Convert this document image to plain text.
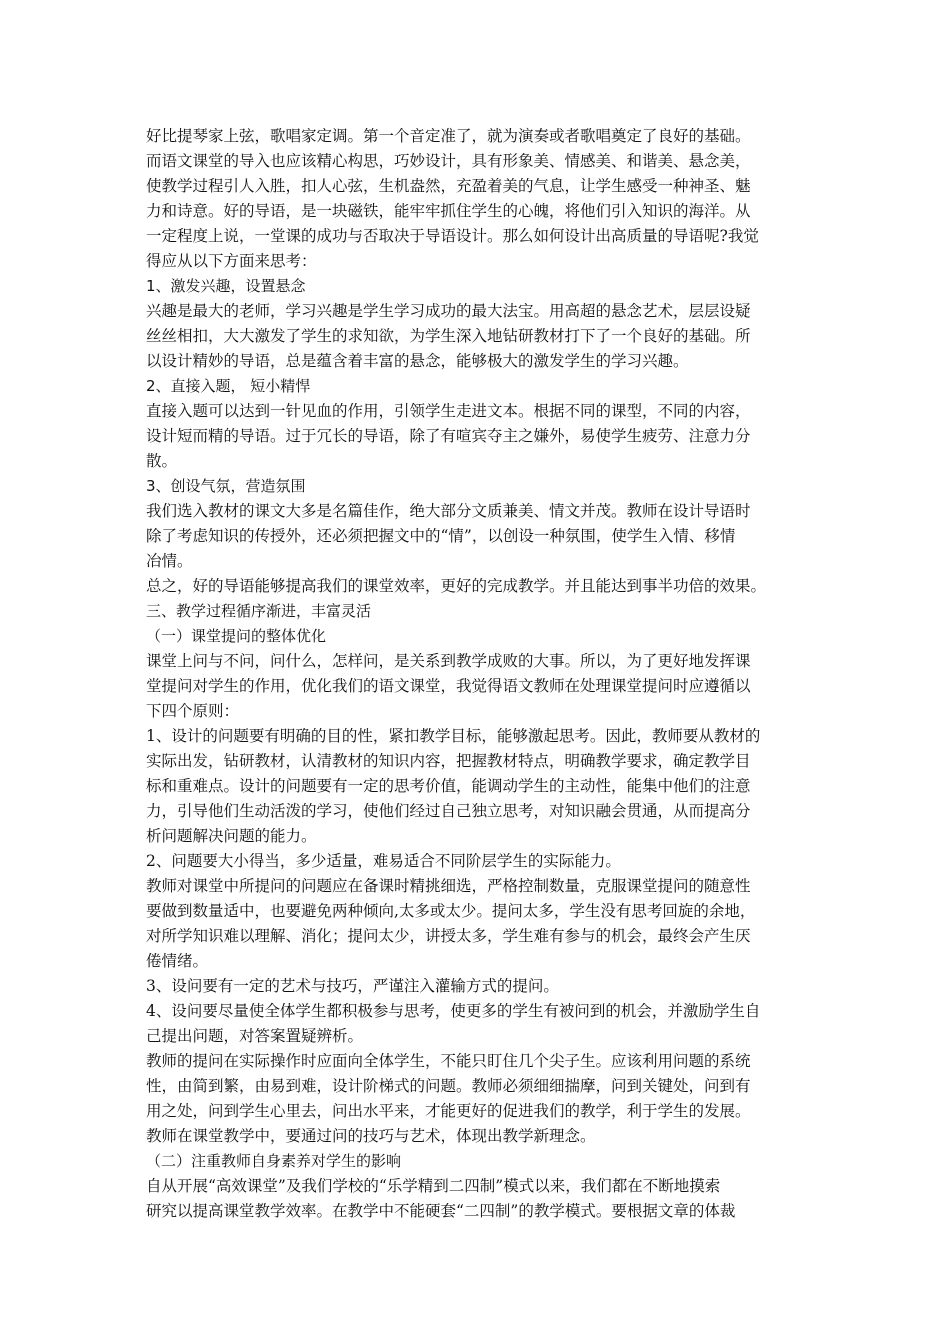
好比提琴家上弦，歌唱家定调。第一个音定准了，就为演奏或者歌唱奠定了良好的基础。
而语文课堂的导入也应该精心构思，巧妙设计，具有形象美、情感美、和谐美、悬念美，
使教学过程引人入胜，扣人心弦，生机盎然，充盈着美的气息，让学生感受一种神圣、魅
力和诗意。好的导语，是一块磁铁，能牢牢抓住学生的心魄，将他们引入知识的海洋。从
一定程度上说，一堂课的成功与否取决于导语设计。那么如何设计出高质量的导语呢?我觉
得应从以下方面来思考：
1、激发兴趣，设置悬念
兴趣是最大的老师，学习兴趣是学生学习成功的最大法宝。用高超的悬念艺术，层层设疑
丝丝相扣，大大激发了学生的求知欲，为学生深入地钻研教材打下了一个良好的基础。所
以设计精妙的导语，总是蕴含着丰富的悬念，能够极大的激发学生的学习兴趣。
2、直接入题， 短小精悍
直接入题可以达到一针见血的作用，引领学生走进文本。根据不同的课型，不同的内容，
设计短而精的导语。过于冗长的导语，除了有喧宾夺主之嫌外，易使学生疲劳、注意力分
散。
3、创设气氛，营造氛围
我们选入教材的课文大多是名篇佳作，绝大部分文质兼美、情文并茂。教师在设计导语时
除了考虑知识的传授外，还必须把握文中的“情”，以创设一种氛围，使学生入情、移情
冶情。
总之，好的导语能够提高我们的课堂效率，更好的完成教学。并且能达到事半功倍的效果。
三、教学过程循序渐进，丰富灵活
（一）课堂提问的整体优化
课堂上问与不问，问什么，怎样问，是关系到教学成败的大事。所以，为了更好地发挥课
堂提问对学生的作用，优化我们的语文课堂，我觉得语文教师在处理课堂提问时应遵循以
下四个原则：
1、设计的问题要有明确的目的性，紧扣教学目标，能够激起思考。因此，教师要从教材的
实际出发，钻研教材，认清教材的知识内容，把握教材特点，明确教学要求，确定教学目
标和重难点。设计的问题要有一定的思考价值，能调动学生的主动性，能集中他们的注意
力，引导他们生动活泼的学习，使他们经过自己独立思考，对知识融会贯通，从而提高分
析问题解决问题的能力。
2、问题要大小得当，多少适量，难易适合不同阶层学生的实际能力。
教师对课堂中所提问的问题应在备课时精挑细选，严格控制数量，克服课堂提问的随意性
要做到数量适中，也要避免两种倾向,太多或太少。提问太多，学生没有思考回旋的余地，
对所学知识难以理解、消化；提问太少，讲授太多，学生难有参与的机会，最终会产生厌
倦情绪。
3、设问要有一定的艺术与技巧，严谨注入灌输方式的提问。
4、设问要尽量使全体学生都积极参与思考，使更多的学生有被问到的机会，并激励学生自
己提出问题，对答案置疑辨析。
教师的提问在实际操作时应面向全体学生，不能只盯住几个尖子生。应该利用问题的系统
性，由简到繁，由易到难，设计阶梯式的问题。教师必须细细揣摩，问到关键处，问到有
用之处，问到学生心里去，问出水平来，才能更好的促进我们的教学，利于学生的发展。
教师在课堂教学中，要通过问的技巧与艺术，体现出教学新理念。
（二）注重教师自身素养对学生的影响
自从开展“高效课堂”及我们学校的“乐学精到二四制”模式以来，我们都在不断地摸索
研究以提高课堂教学效率。在教学中不能硬套“二四制”的教学模式。要根据文章的体裁
